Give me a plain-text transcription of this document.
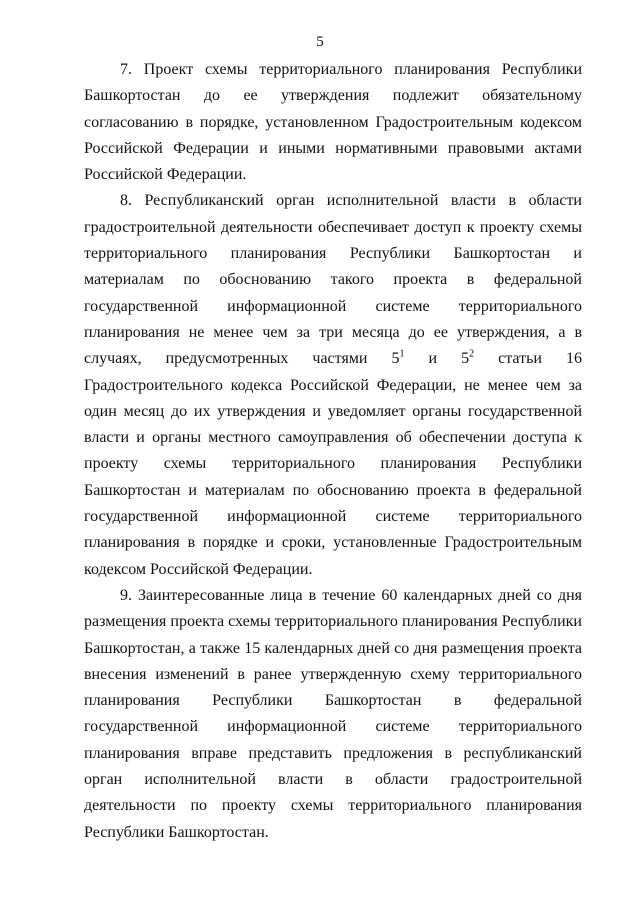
5

7. Проект схемы территориального планирования Республики Башкортостан до ее утверждения подлежит обязательному согласованию в порядке, установленном Градостроительным кодексом Российской Федерации и иными нормативными правовыми актами Российской Федерации.

8. Республиканский орган исполнительной власти в области градостроительной деятельности обеспечивает доступ к проекту схемы территориального планирования Республики Башкортостан и материалам по обоснованию такого проекта в федеральной государственной информационной системе территориального планирования не менее чем за три месяца до ее утверждения, а в случаях, предусмотренных частями $5^1$ и $5^2$ статьи 16 Градостроительного кодекса Российской Федерации, не менее чем за один месяц до их утверждения и уведомляет органы государственной власти и органы местного самоуправления об обеспечении доступа к проекту схемы территориального планирования Республики Башкортостан и материалам по обоснованию проекта в федеральной государственной информационной системе территориального планирования в порядке и сроки, установленные Градостроительным кодексом Российской Федерации.

9. Заинтересованные лица в течение 60 календарных дней со дня размещения проекта схемы территориального планирования Республики Башкортостан, а также 15 календарных дней со дня размещения проекта внесения изменений в ранее утвержденную схему территориального планирования Республики Башкортостан в федеральной государственной информационной системе территориального планирования вправе представить предложения в республиканский орган исполнительной власти в области градостроительной деятельности по проекту схемы территориального планирования Республики Башкортостан.
